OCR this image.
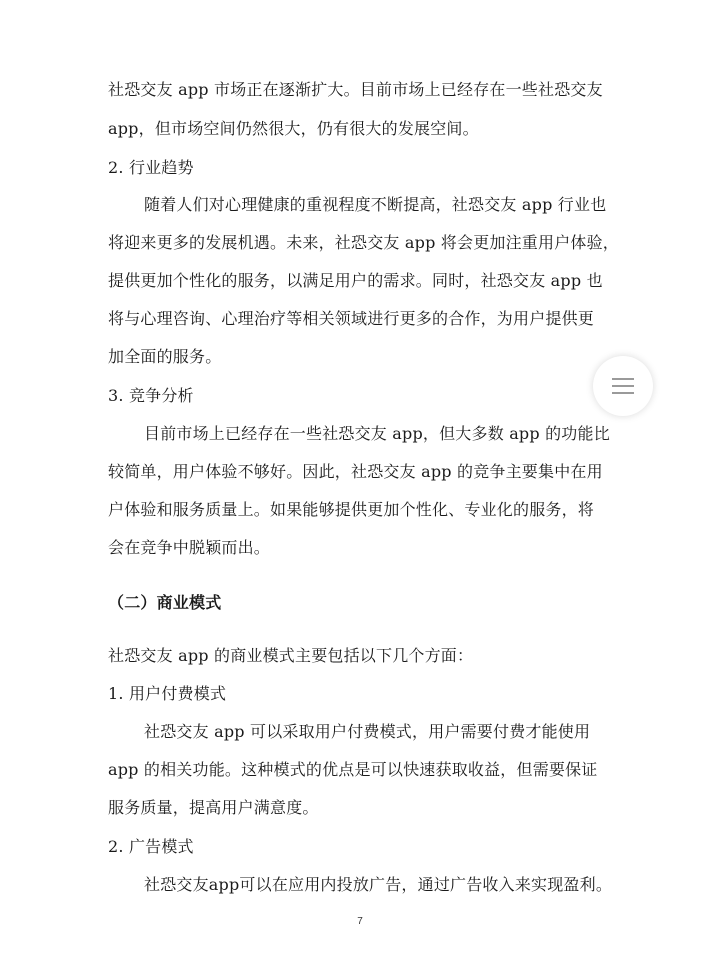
社恐交友 app 市场正在逐渐扩大。目前市场上已经存在一些社恐交友
app，但市场空间仍然很大，仍有很大的发展空间。
2. 行业趋势
随着人们对心理健康的重视程度不断提高，社恐交友 app 行业也
将迎来更多的发展机遇。未来，社恐交友 app 将会更加注重用户体验，
提供更加个性化的服务，以满足用户的需求。同时，社恐交友 app 也
将与心理咨询、心理治疗等相关领域进行更多的合作，为用户提供更
加全面的服务。
3. 竞争分析
目前市场上已经存在一些社恐交友 app，但大多数 app 的功能比
较简单，用户体验不够好。因此，社恐交友 app 的竞争主要集中在用
户体验和服务质量上。如果能够提供更加个性化、专业化的服务，将
会在竞争中脱颖而出。
（二）商业模式
社恐交友 app 的商业模式主要包括以下几个方面：
1. 用户付费模式
社恐交友 app 可以采取用户付费模式，用户需要付费才能使用
app 的相关功能。这种模式的优点是可以快速获取收益，但需要保证
服务质量，提高用户满意度。
2. 广告模式
社恐交友app可以在应用内投放广告，通过广告收入来实现盈利。
7
